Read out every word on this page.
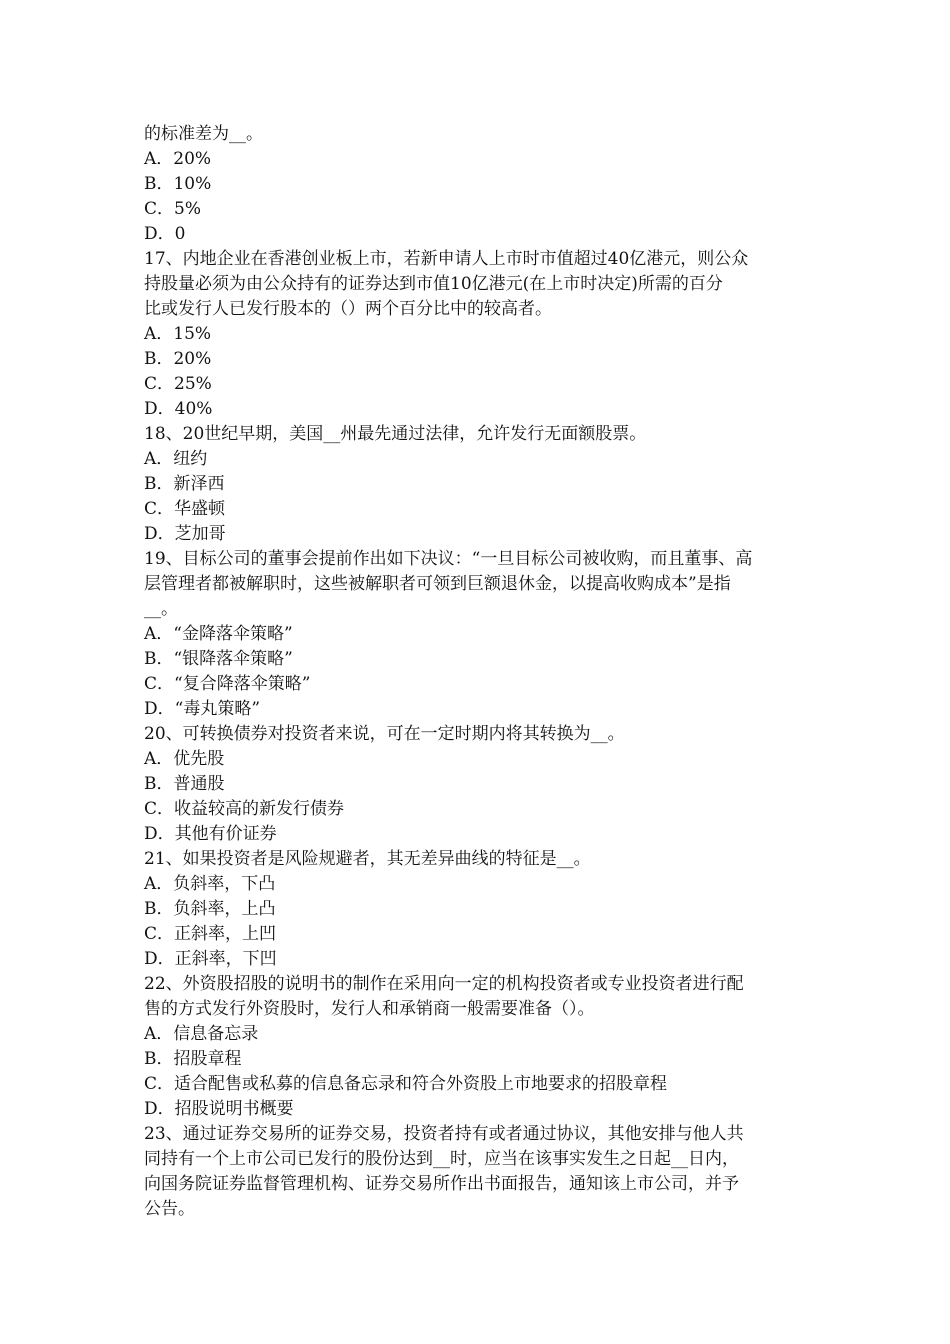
的标准差为__。
A．20%
B．10%
C．5%
D．0
17、内地企业在香港创业板上市，若新申请人上市时市值超过40亿港元，则公众
持股量必须为由公众持有的证券达到市值10亿港元(在上市时决定)所需的百分
比或发行人已发行股本的（）两个百分比中的较高者。
A．15%
B．20%
C．25%
D．40%
18、20世纪早期，美国__州最先通过法律，允许发行无面额股票。
A．纽约
B．新泽西
C．华盛顿
D．芝加哥
19、目标公司的董事会提前作出如下决议：“一旦目标公司被收购，而且董事、高
层管理者都被解职时，这些被解职者可领到巨额退休金，以提高收购成本”是指
__。
A．“金降落伞策略”
B．“银降落伞策略”
C．“复合降落伞策略”
D．“毒丸策略”
20、可转换债券对投资者来说，可在一定时期内将其转换为__。
A．优先股
B．普通股
C．收益较高的新发行债券
D．其他有价证券
21、如果投资者是风险规避者，其无差异曲线的特征是__。
A．负斜率，下凸
B．负斜率，上凸
C．正斜率，上凹
D．正斜率，下凹
22、外资股招股的说明书的制作在采用向一定的机构投资者或专业投资者进行配
售的方式发行外资股时，发行人和承销商一般需要准备（）。
A．信息备忘录
B．招股章程
C．适合配售或私募的信息备忘录和符合外资股上市地要求的招股章程
D．招股说明书概要
23、通过证券交易所的证券交易，投资者持有或者通过协议，其他安排与他人共
同持有一个上市公司已发行的股份达到__时，应当在该事实发生之日起__日内，
向国务院证券监督管理机构、证券交易所作出书面报告，通知该上市公司，并予
公告。
